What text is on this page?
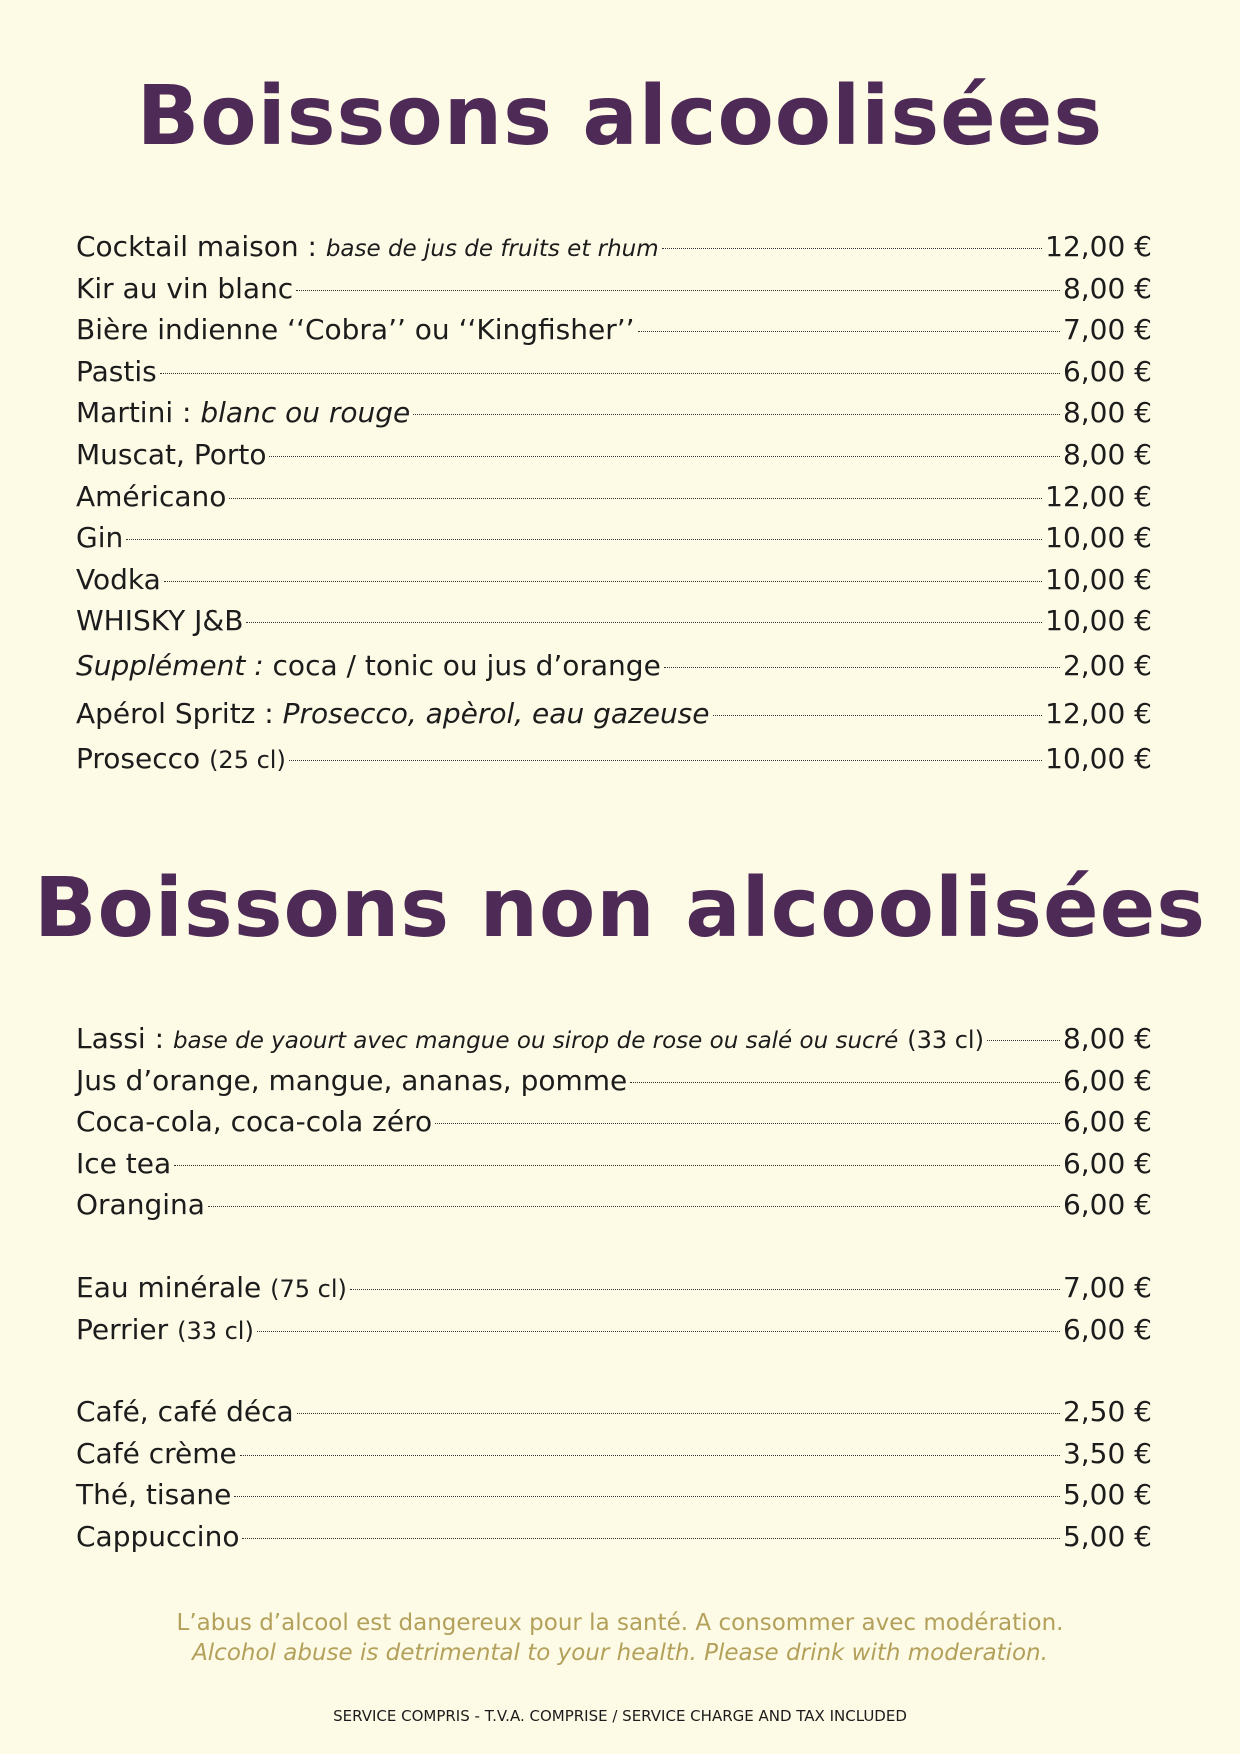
Boissons alcoolisées
Cocktail maison : base de jus de fruits et rhum	12,00 €
Kir au vin blanc	8,00 €
Bière indienne ‘‘Cobra’’ ou ‘‘Kingfisher’’	7,00 €
Pastis	6,00 €
Martini : blanc ou rouge	8,00 €
Muscat, Porto	8,00 €
Américano	12,00 €
Gin	10,00 €
Vodka	10,00 €
WHISKY J&B	10,00 €
Supplément : coca / tonic ou jus d’orange	2,00 €
Apérol Spritz : Prosecco, apèrol, eau gazeuse	12,00 €
Prosecco (25 cl)	10,00 €
Boissons non alcoolisées
Lassi : base de yaourt avec mangue ou sirop de rose ou salé ou sucré (33 cl)	8,00 €
Jus d’orange, mangue, ananas, pomme	6,00 €
Coca-cola, coca-cola zéro	6,00 €
Ice tea	6,00 €
Orangina	6,00 €
Eau minérale (75 cl)	7,00 €
Perrier (33 cl)	6,00 €
Café, café déca	2,50 €
Café crème	3,50 €
Thé, tisane	5,00 €
Cappuccino	5,00 €
L’abus d’alcool est dangereux pour la santé. A consommer avec modération.
Alcohol abuse is detrimental to your health. Please drink with moderation.
SERVICE COMPRIS - T.V.A. COMPRISE / SERVICE CHARGE AND TAX INCLUDED
